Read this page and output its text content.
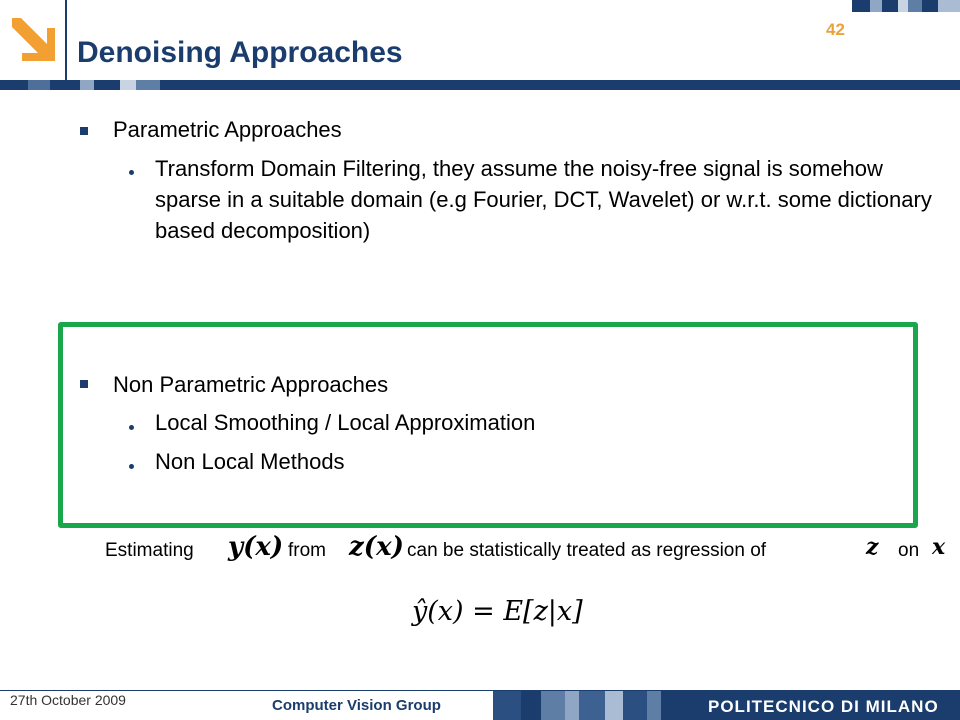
Denoising Approaches
42
Parametric Approaches
Transform Domain Filtering, they assume the noisy-free signal is somehow sparse in a suitable domain (e.g Fourier, DCT, Wavelet) or w.r.t. some dictionary based decomposition)
Non Parametric Approaches
Local Smoothing / Local Approximation
Non Local Methods
Estimating y(x) from z(x) can be statistically treated as regression of	z on x
ŷ(x) = E[z|x]
27th October 2009	Computer Vision Group	POLITECNICO DI MILANO
